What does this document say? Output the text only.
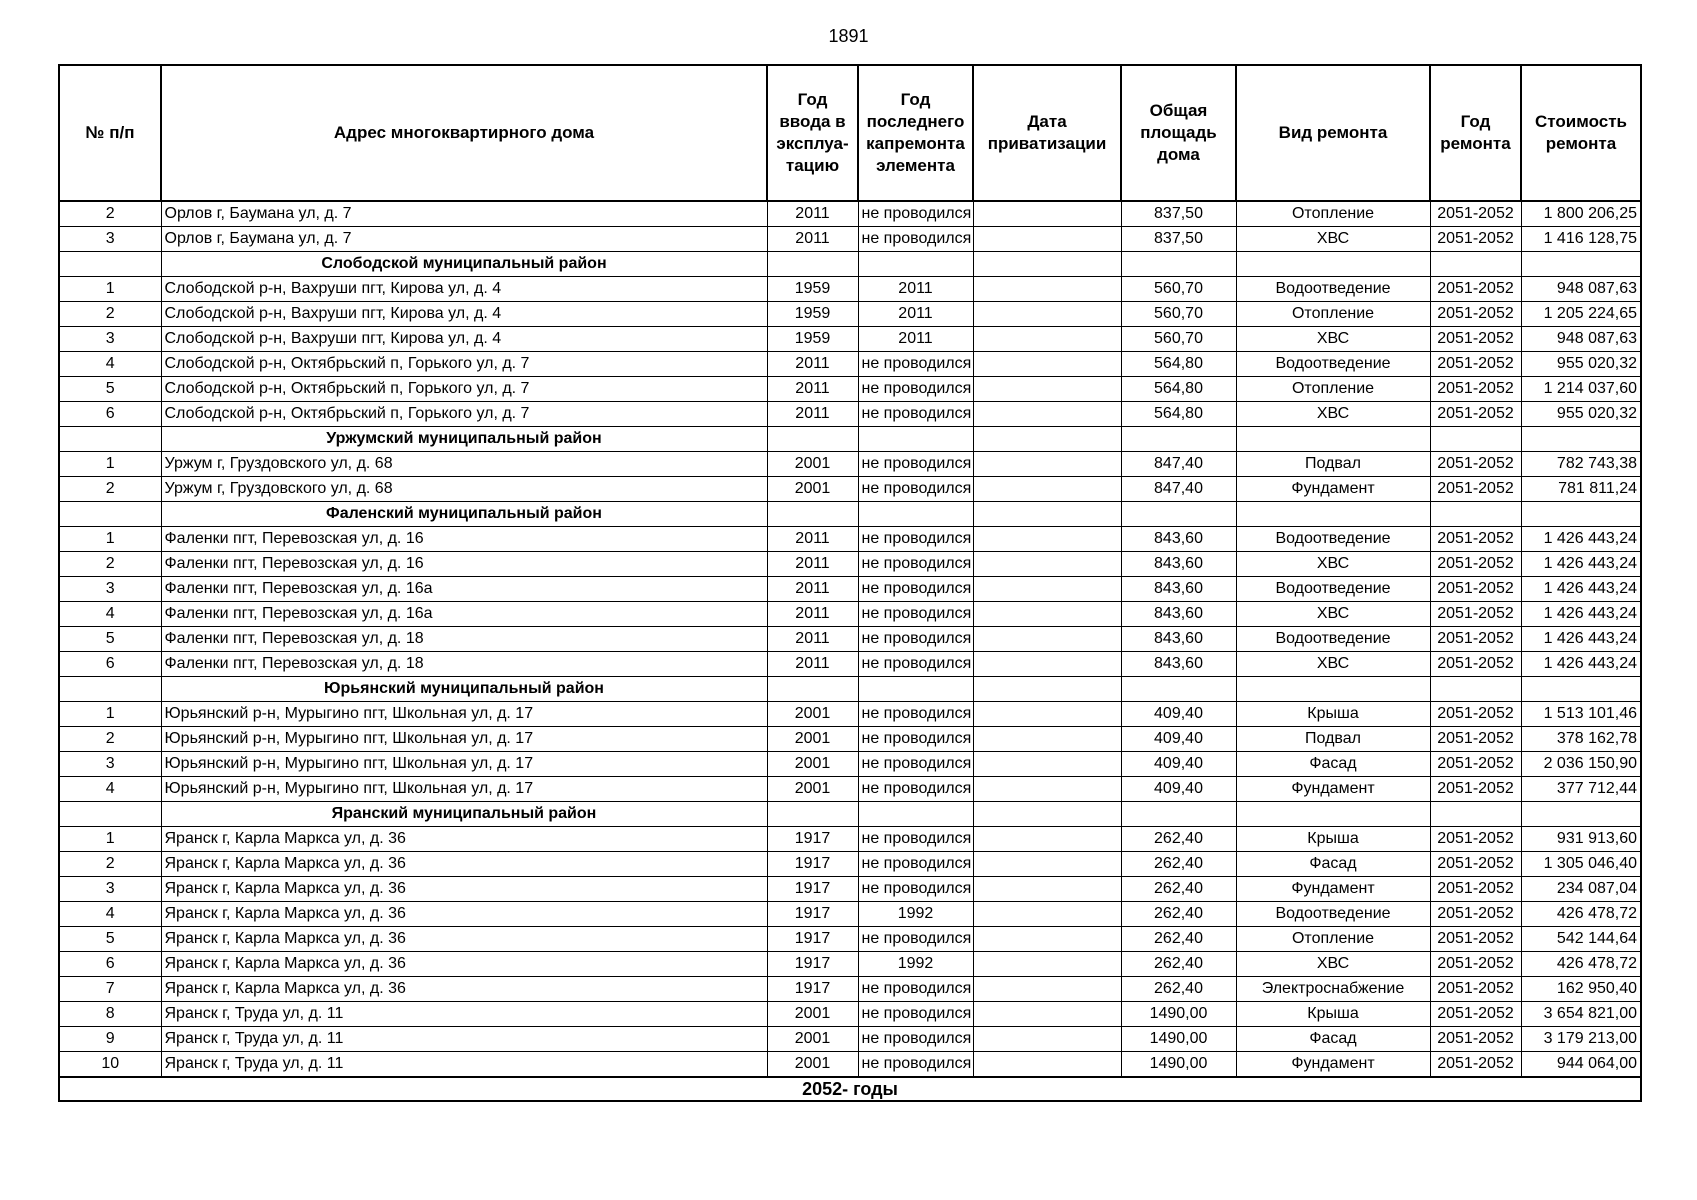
1891
№ п/п	Адрес многоквартирного дома	Год ввода в эксплуа-тацию	Год последнего капремонта элемента	Дата приватизации	Общая площадь дома	Вид ремонта	Год ремонта	Стоимость ремонта
2	Орлов г, Баумана ул, д. 7	2011	не проводился		837,50	Отопление	2051-2052	1 800 206,25
3	Орлов г, Баумана ул, д. 7	2011	не проводился		837,50	ХВС	2051-2052	1 416 128,75
	Слободской муниципальный район							
1	Слободской р-н, Вахруши пгт, Кирова ул, д. 4	1959	2011		560,70	Водоотведение	2051-2052	948 087,63
2	Слободской р-н, Вахруши пгт, Кирова ул, д. 4	1959	2011		560,70	Отопление	2051-2052	1 205 224,65
3	Слободской р-н, Вахруши пгт, Кирова ул, д. 4	1959	2011		560,70	ХВС	2051-2052	948 087,63
4	Слободской р-н, Октябрьский п, Горького ул, д. 7	2011	не проводился		564,80	Водоотведение	2051-2052	955 020,32
5	Слободской р-н, Октябрьский п, Горького ул, д. 7	2011	не проводился		564,80	Отопление	2051-2052	1 214 037,60
6	Слободской р-н, Октябрьский п, Горького ул, д. 7	2011	не проводился		564,80	ХВС	2051-2052	955 020,32
	Уржумский муниципальный район							
1	Уржум г, Груздовского ул, д. 68	2001	не проводился		847,40	Подвал	2051-2052	782 743,38
2	Уржум г, Груздовского ул, д. 68	2001	не проводился		847,40	Фундамент	2051-2052	781 811,24
	Фаленский муниципальный район							
1	Фаленки пгт, Перевозская ул, д. 16	2011	не проводился		843,60	Водоотведение	2051-2052	1 426 443,24
2	Фаленки пгт, Перевозская ул, д. 16	2011	не проводился		843,60	ХВС	2051-2052	1 426 443,24
3	Фаленки пгт, Перевозская ул, д. 16а	2011	не проводился		843,60	Водоотведение	2051-2052	1 426 443,24
4	Фаленки пгт, Перевозская ул, д. 16а	2011	не проводился		843,60	ХВС	2051-2052	1 426 443,24
5	Фаленки пгт, Перевозская ул, д. 18	2011	не проводился		843,60	Водоотведение	2051-2052	1 426 443,24
6	Фаленки пгт, Перевозская ул, д. 18	2011	не проводился		843,60	ХВС	2051-2052	1 426 443,24
	Юрьянский муниципальный район							
1	Юрьянский р-н, Мурыгино пгт, Школьная ул, д. 17	2001	не проводился		409,40	Крыша	2051-2052	1 513 101,46
2	Юрьянский р-н, Мурыгино пгт, Школьная ул, д. 17	2001	не проводился		409,40	Подвал	2051-2052	378 162,78
3	Юрьянский р-н, Мурыгино пгт, Школьная ул, д. 17	2001	не проводился		409,40	Фасад	2051-2052	2 036 150,90
4	Юрьянский р-н, Мурыгино пгт, Школьная ул, д. 17	2001	не проводился		409,40	Фундамент	2051-2052	377 712,44
	Яранский муниципальный район							
1	Яранск г, Карла Маркса ул, д. 36	1917	не проводился		262,40	Крыша	2051-2052	931 913,60
2	Яранск г, Карла Маркса ул, д. 36	1917	не проводился		262,40	Фасад	2051-2052	1 305 046,40
3	Яранск г, Карла Маркса ул, д. 36	1917	не проводился		262,40	Фундамент	2051-2052	234 087,04
4	Яранск г, Карла Маркса ул, д. 36	1917	1992		262,40	Водоотведение	2051-2052	426 478,72
5	Яранск г, Карла Маркса ул, д. 36	1917	не проводился		262,40	Отопление	2051-2052	542 144,64
6	Яранск г, Карла Маркса ул, д. 36	1917	1992		262,40	ХВС	2051-2052	426 478,72
7	Яранск г, Карла Маркса ул, д. 36	1917	не проводился		262,40	Электроснабжение	2051-2052	162 950,40
8	Яранск г, Труда ул, д. 11	2001	не проводился		1490,00	Крыша	2051-2052	3 654 821,00
9	Яранск г, Труда ул, д. 11	2001	не проводился		1490,00	Фасад	2051-2052	3 179 213,00
10	Яранск г, Труда ул, д. 11	2001	не проводился		1490,00	Фундамент	2051-2052	944 064,00
2052- годы								
